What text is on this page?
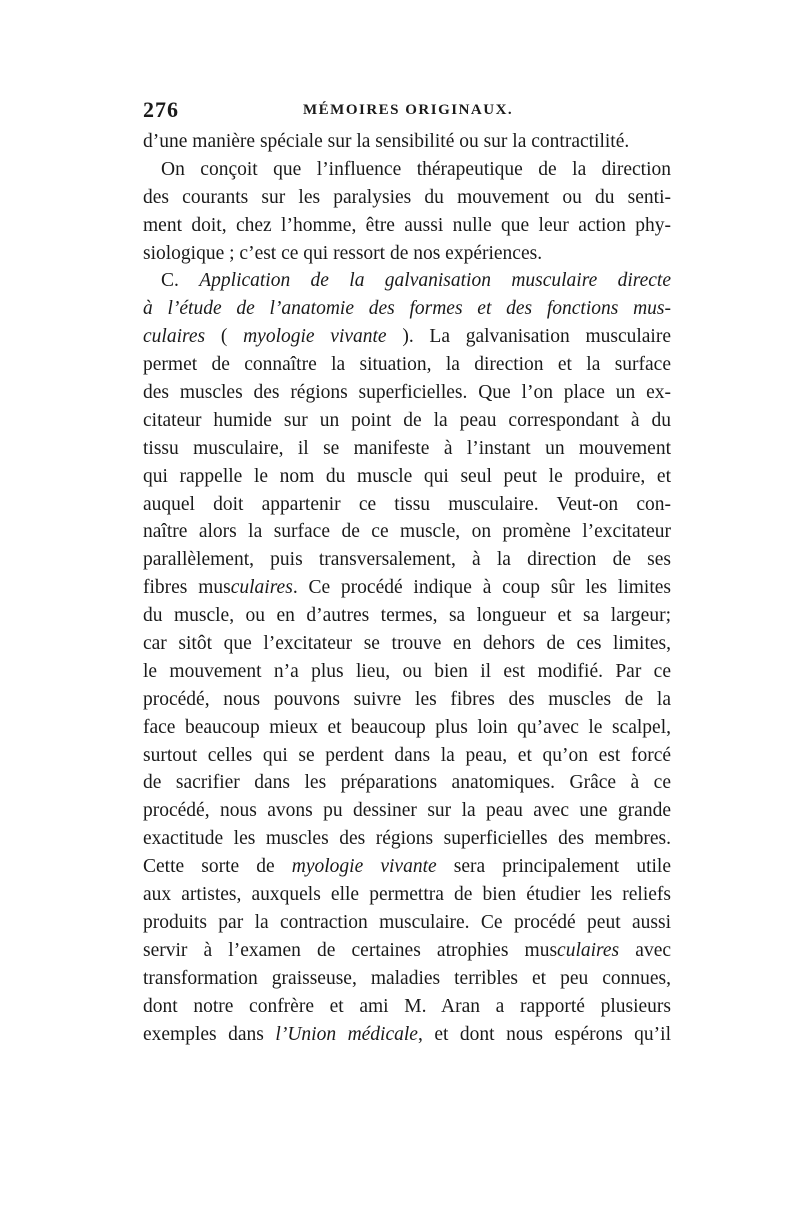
276	MÉMOIRES ORIGINAUX.
d’une manière spéciale sur la sensibilité ou sur la contractilité.
On conçoit que l’influence thérapeutique de la direction
des courants sur les paralysies du mouvement ou du senti-
ment doit, chez l’homme, être aussi nulle que leur action phy-
siologique ; c’est ce qui ressort de nos expériences.
C. Application de la galvanisation musculaire directe
à l’étude de l’anatomie des formes et des fonctions mus-
culaires ( myologie vivante ). La galvanisation musculaire
permet de connaître la situation, la direction et la surface
des muscles des régions superficielles. Que l’on place un ex-
citateur humide sur un point de la peau correspondant à du
tissu musculaire, il se manifeste à l’instant un mouvement
qui rappelle le nom du muscle qui seul peut le produire, et
auquel doit appartenir ce tissu musculaire. Veut-on con-
naître alors la surface de ce muscle, on promène l’excitateur
parallèlement, puis transversalement, à la direction de ses
fibres musculaires. Ce procédé indique à coup sûr les limites
du muscle, ou en d’autres termes, sa longueur et sa largeur;
car sitôt que l’excitateur se trouve en dehors de ces limites,
le mouvement n’a plus lieu, ou bien il est modifié. Par ce
procédé, nous pouvons suivre les fibres des muscles de la
face beaucoup mieux et beaucoup plus loin qu’avec le scalpel,
surtout celles qui se perdent dans la peau, et qu’on est forcé
de sacrifier dans les préparations anatomiques. Grâce à ce
procédé, nous avons pu dessiner sur la peau avec une grande
exactitude les muscles des régions superficielles des membres.
Cette sorte de myologie vivante sera principalement utile
aux artistes, auxquels elle permettra de bien étudier les reliefs
produits par la contraction musculaire. Ce procédé peut aussi
servir à l’examen de certaines atrophies musculaires avec
transformation graisseuse, maladies terribles et peu connues,
dont notre confrère et ami M. Aran a rapporté plusieurs
exemples dans l’Union médicale, et dont nous espérons qu’il
